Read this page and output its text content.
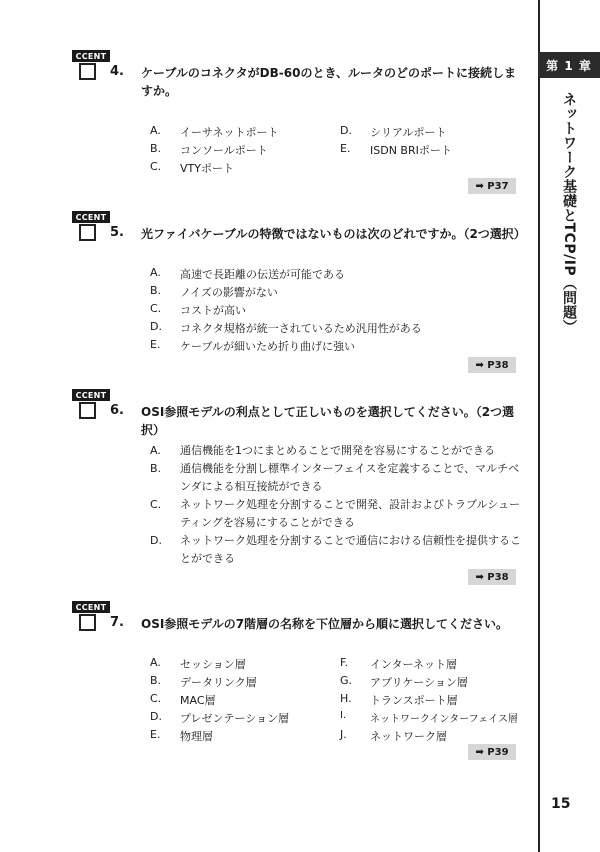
第 1 章
ネットワーク基礎とTCP/IP（問題）
15
CCENT
4. ケーブルのコネクタがDB-60のとき、ルータのどのポートに接続しますか。
A. イーサネットポート
B. コンソールポート
C. VTYポート
D. シリアルポート
E. ISDN BRIポート
➡ P37
CCENT
5. 光ファイバケーブルの特徴ではないものは次のどれですか。（2つ選択）
A. 高速で長距離の伝送が可能である
B. ノイズの影響がない
C. コストが高い
D. コネクタ規格が統一されているため汎用性がある
E. ケーブルが細いため折り曲げに強い
➡ P38
CCENT
6. OSI参照モデルの利点として正しいものを選択してください。（2つ選択）
A. 通信機能を1つにまとめることで開発を容易にすることができる
B. 通信機能を分割し標準インターフェイスを定義することで、マルチベンダによる相互接続ができる
C. ネットワーク処理を分割することで開発、設計およびトラブルシューティングを容易にすることができる
D. ネットワーク処理を分割することで通信における信頼性を提供することができる
➡ P38
CCENT
7. OSI参照モデルの7階層の名称を下位層から順に選択してください。
A. セッション層
B. データリンク層
C. MAC層
D. プレゼンテーション層
E. 物理層
F. インターネット層
G. アプリケーション層
H. トランスポート層
I. ネットワークインターフェイス層
J. ネットワーク層
➡ P39
